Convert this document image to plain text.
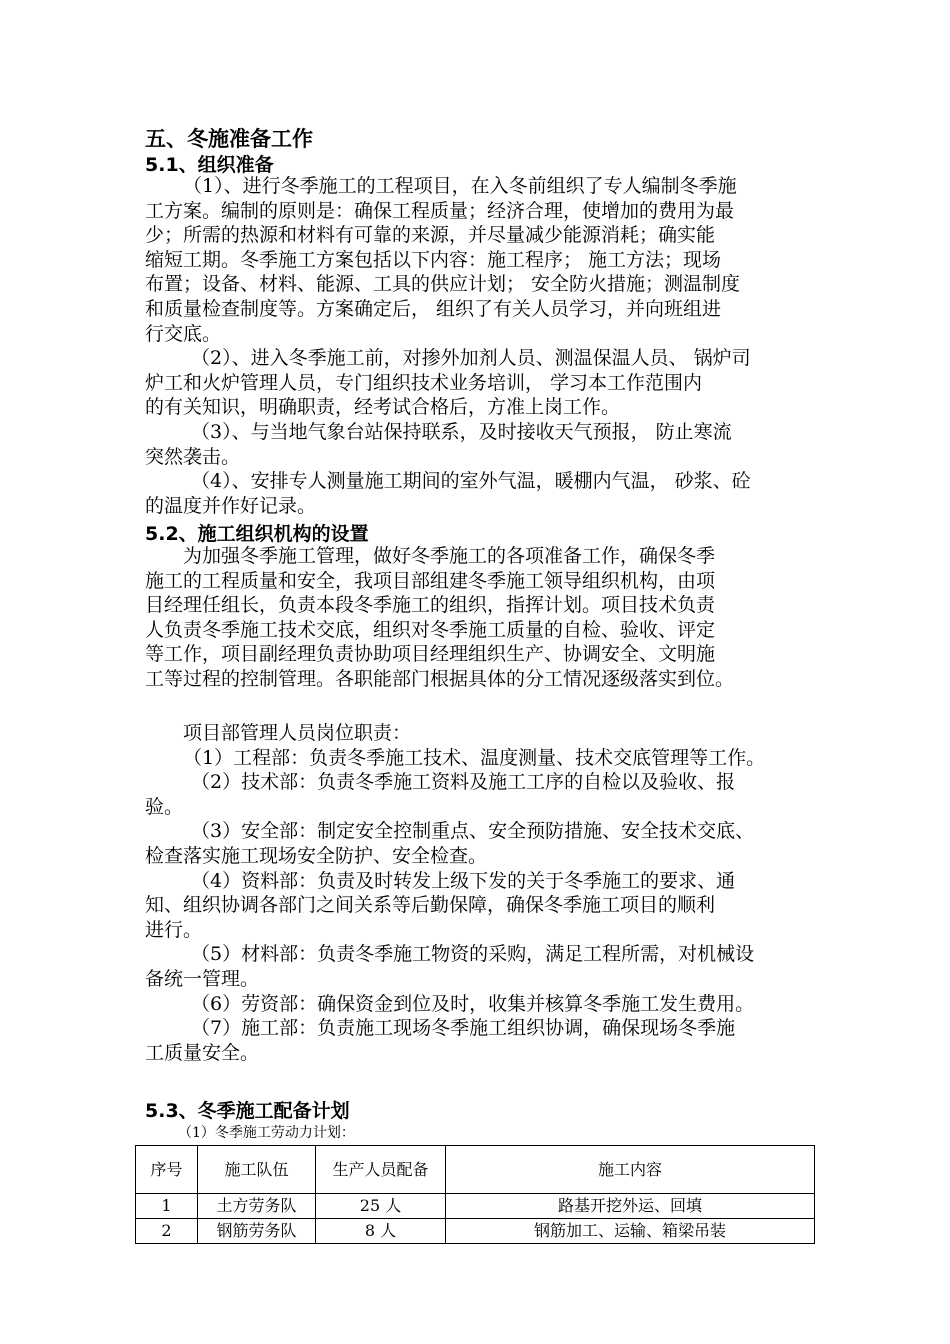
五、冬施准备工作
5.1、组织准备
（1）、进行冬季施工的工程项目，在入冬前组织了专人编制冬季施
工方案。编制的原则是：确保工程质量；经济合理，使增加的费用为最
少；所需的热源和材料有可靠的来源，并尽量减少能源消耗；确实能
缩短工期。冬季施工方案包括以下内容：施工程序； 施工方法；现场
布置；设备、材料、能源、工具的供应计划； 安全防火措施；测温制度
和质量检查制度等。方案确定后， 组织了有关人员学习，并向班组进
行交底。
（2）、进入冬季施工前，对掺外加剂人员、测温保温人员、 锅炉司
炉工和火炉管理人员，专门组织技术业务培训， 学习本工作范围内
的有关知识，明确职责，经考试合格后，方准上岗工作。
（3）、与当地气象台站保持联系，及时接收天气预报， 防止寒流
突然袭击。
（4）、安排专人测量施工期间的室外气温，暖棚内气温， 砂浆、砼
的温度并作好记录。
5.2、施工组织机构的设置
为加强冬季施工管理，做好冬季施工的各项准备工作，确保冬季
施工的工程质量和安全，我项目部组建冬季施工领导组织机构，由项
目经理任组长，负责本段冬季施工的组织，指挥计划。项目技术负责
人负责冬季施工技术交底，组织对冬季施工质量的自检、验收、评定
等工作，项目副经理负责协助项目经理组织生产、协调安全、文明施
工等过程的控制管理。各职能部门根据具体的分工情况逐级落实到位。
项目部管理人员岗位职责：
（1）工程部：负责冬季施工技术、温度测量、技术交底管理等工作。
（2）技术部：负责冬季施工资料及施工工序的自检以及验收、报
验。
（3）安全部：制定安全控制重点、安全预防措施、安全技术交底、
检查落实施工现场安全防护、安全检查。
（4）资料部：负责及时转发上级下发的关于冬季施工的要求、通
知、组织协调各部门之间关系等后勤保障，确保冬季施工项目的顺利
进行。
（5）材料部：负责冬季施工物资的采购，满足工程所需，对机械设
备统一管理。
（6）劳资部：确保资金到位及时，收集并核算冬季施工发生费用。
（7）施工部：负责施工现场冬季施工组织协调，确保现场冬季施
工质量安全。
5.3、冬季施工配备计划
（1）冬季施工劳动力计划：
序号	施工队伍	生产人员配备	施工内容
1	土方劳务队	25 人	路基开挖外运、回填
2	钢筋劳务队	8 人	钢筋加工、运输、箱梁吊装
